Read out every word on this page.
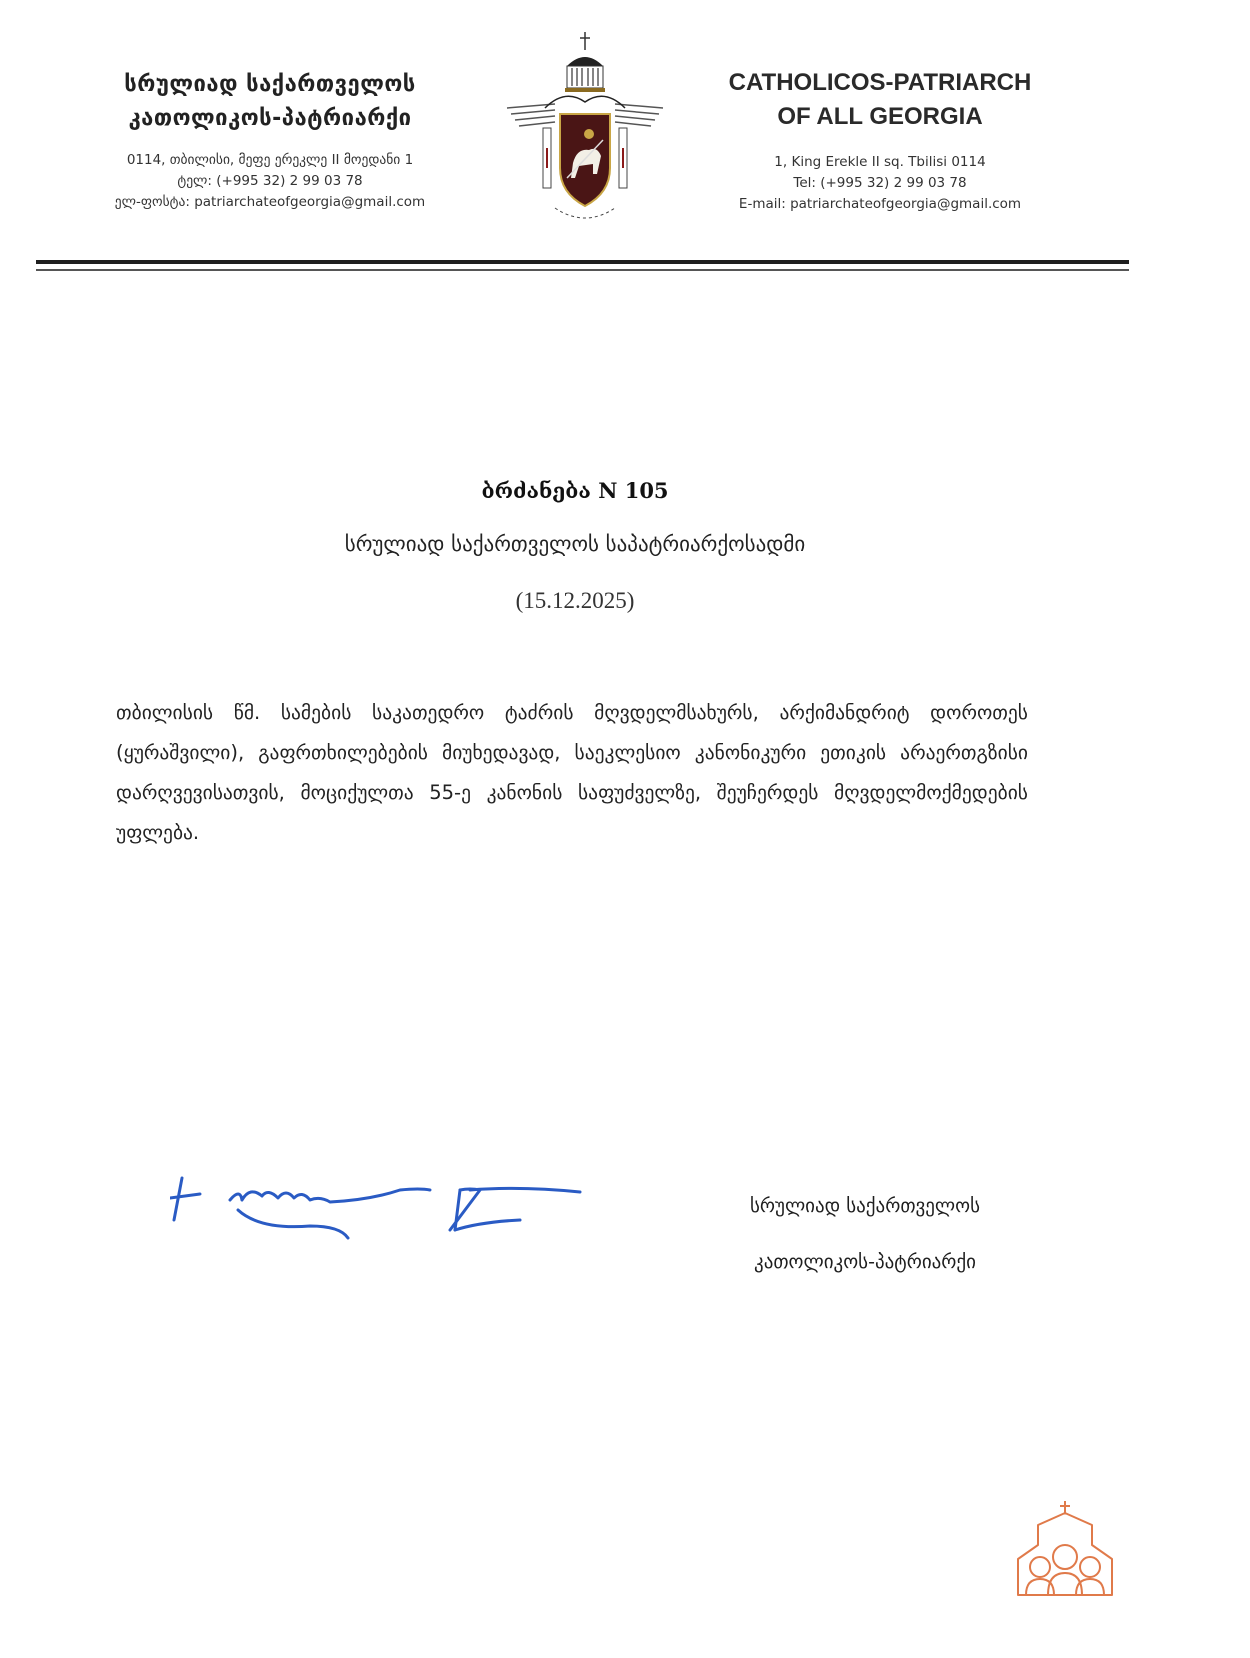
სრულიად საქართველოს
კათოლიკოს-პატრიარქი
0114, თბილისი, მეფე ერეკლე II მოედანი 1
ტელ: (+995 32) 2 99 03 78
ელ-ფოსტა: patriarchateofgeorgia@gmail.com
CATHOLICOS-PATRIARCH
OF ALL GEORGIA
1, King Erekle II sq. Tbilisi 0114
Tel: (+995 32) 2 99 03 78
E-mail: patriarchateofgeorgia@gmail.com
ბრძანება N 105
სრულიად საქართველოს საპატრიარქოსადმი
(15.12.2025)
თბილისის წმ. სამების საკათედრო ტაძრის მღვდელმსახურს, არქიმანდრიტ დოროთეს (ყურაშვილი), გაფრთხილებების მიუხედავად, საეკლესიო კანონიკური ეთიკის არაერთგზისი დარღვევისათვის, მოციქულთა 55-ე კანონის საფუძველზე, შეუჩერდეს მღვდელმოქმედების უფლება.
სრულიად საქართველოს
კათოლიკოს-პატრიარქი
